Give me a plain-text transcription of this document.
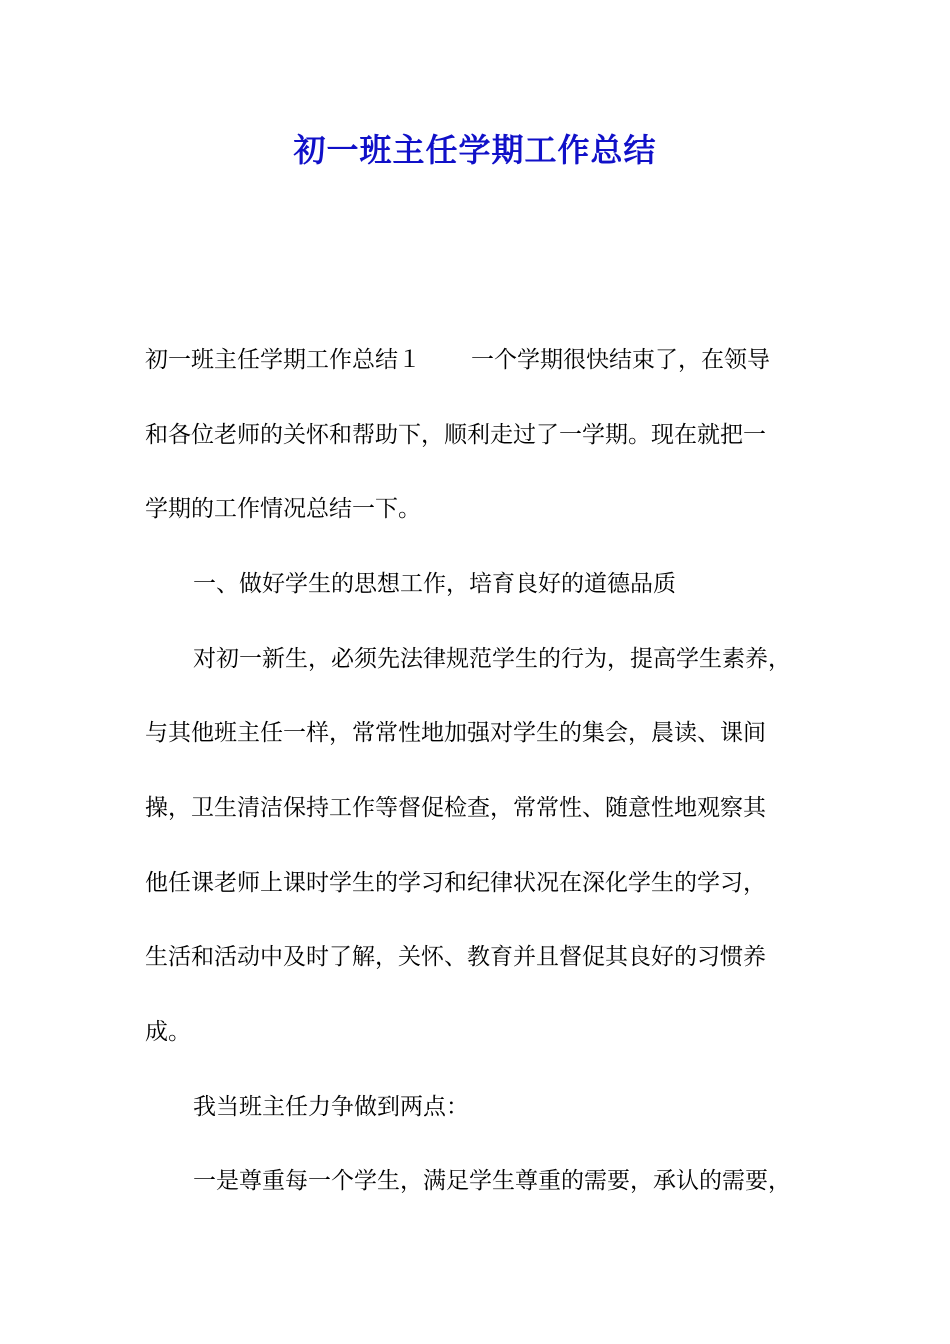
初一班主任学期工作总结

初一班主任学期工作总结１ 一个学期很快结束了，在领导

和各位老师的关怀和帮助下，顺利走过了一学期。现在就把一

学期的工作情况总结一下。

一、做好学生的思想工作，培育良好的道德品质

对初一新生，必须先法律规范学生的行为，提高学生素养，

与其他班主任一样，常常性地加强对学生的集会，晨读、课间

操，卫生清洁保持工作等督促检查，常常性、随意性地观察其

他任课老师上课时学生的学习和纪律状况在深化学生的学习，

生活和活动中及时了解，关怀、教育并且督促其良好的习惯养

成。

我当班主任力争做到两点：

一是尊重每一个学生，满足学生尊重的需要，承认的需要，
